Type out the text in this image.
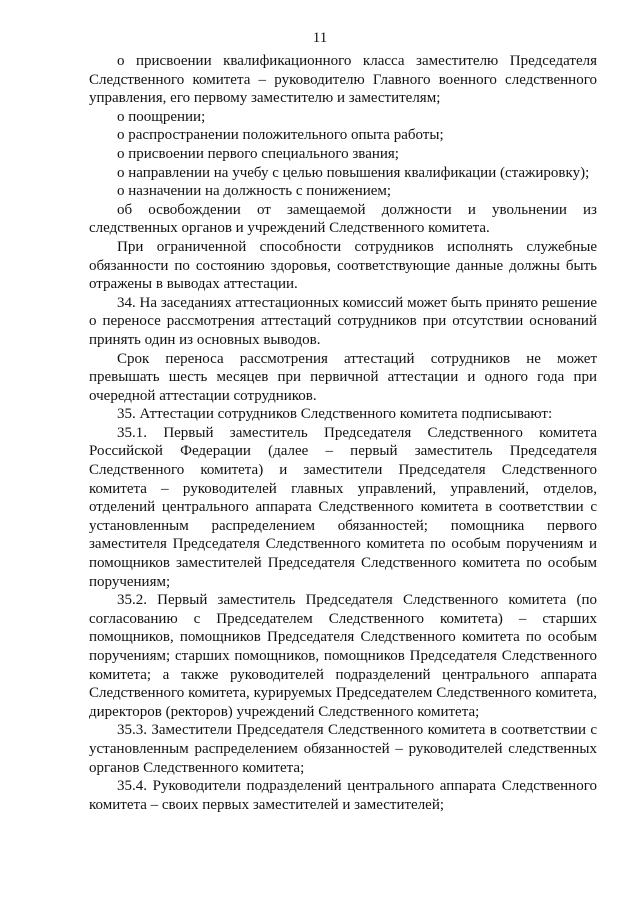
11

о присвоении квалификационного класса заместителю Председателя Следственного комитета – руководителю Главного военного следственного управления, его первому заместителю и заместителям;

о поощрении;

о распространении положительного опыта работы;

о присвоении первого специального звания;

о направлении на учебу с целью повышения квалификации (стажировку);

о назначении на должность с понижением;

об освобождении от замещаемой должности и увольнении из следственных органов и учреждений Следственного комитета.

При ограниченной способности сотрудников исполнять служебные обязанности по состоянию здоровья, соответствующие данные должны быть отражены в выводах аттестации.

34. На заседаниях аттестационных комиссий может быть принято решение о переносе рассмотрения аттестаций сотрудников при отсутствии оснований принять один из основных выводов.

Срок переноса рассмотрения аттестаций сотрудников не может превышать шесть месяцев при первичной аттестации и одного года при очередной аттестации сотрудников.

35. Аттестации сотрудников Следственного комитета подписывают:

35.1. Первый заместитель Председателя Следственного комитета Российской Федерации (далее – первый заместитель Председателя Следственного комитета) и заместители Председателя Следственного комитета – руководителей главных управлений, управлений, отделов, отделений центрального аппарата Следственного комитета в соответствии с установленным распределением обязанностей; помощника первого заместителя Председателя Следственного комитета по особым поручениям и помощников заместителей Председателя Следственного комитета по особым поручениям;

35.2. Первый заместитель Председателя Следственного комитета (по согласованию с Председателем Следственного комитета) – старших помощников, помощников Председателя Следственного комитета по особым поручениям; старших помощников, помощников Председателя Следственного комитета; а также руководителей подразделений центрального аппарата Следственного комитета, курируемых Председателем Следственного комитета, директоров (ректоров) учреждений Следственного комитета;

35.3. Заместители Председателя Следственного комитета в соответствии с установленным распределением обязанностей – руководителей следственных органов Следственного комитета;

35.4. Руководители подразделений центрального аппарата Следственного комитета – своих первых заместителей и заместителей;
